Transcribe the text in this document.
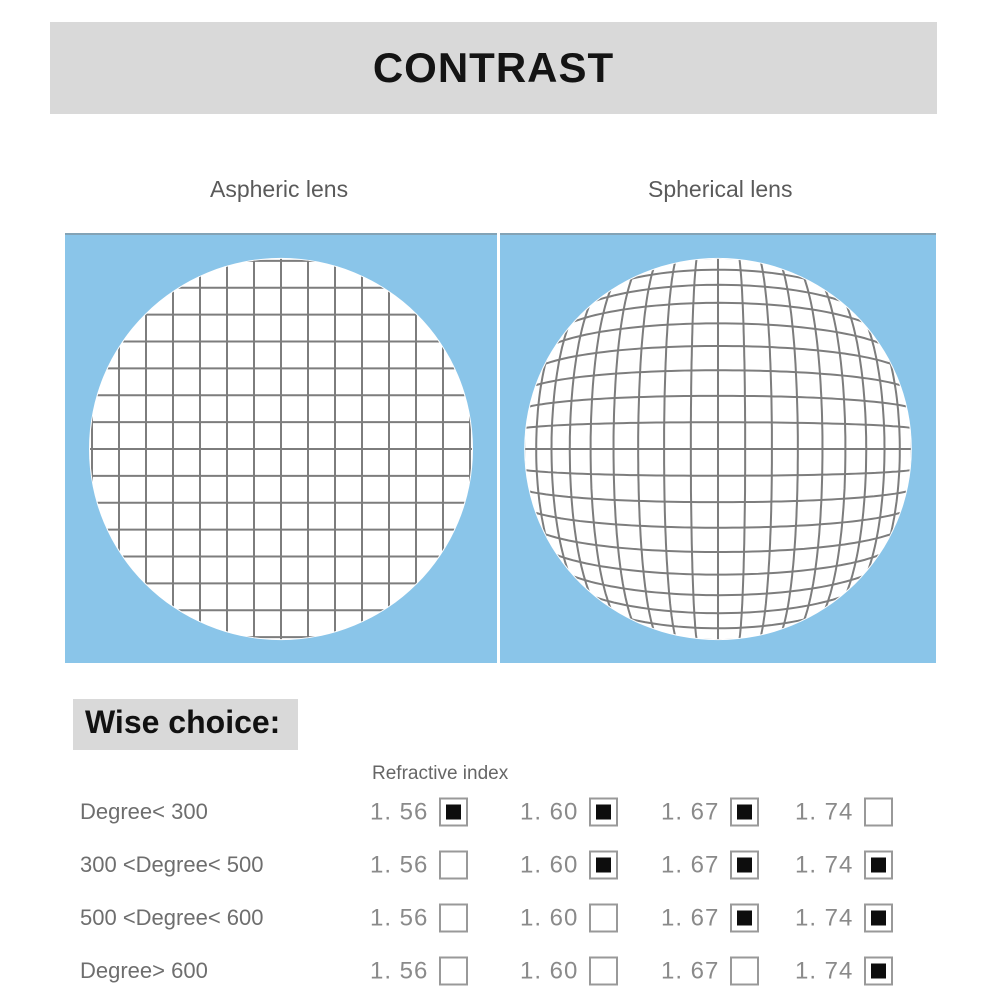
CONTRAST
Aspheric lens	Spherical lens
Wise choice:
Refractive index
Degree< 300	1. 56	1. 60	1. 67	1. 74
300 <Degree< 500	1. 56	1. 60	1. 67	1. 74
500 <Degree< 600	1. 56	1. 60	1. 67	1. 74
Degree> 600	1. 56	1. 60	1. 67	1. 74
